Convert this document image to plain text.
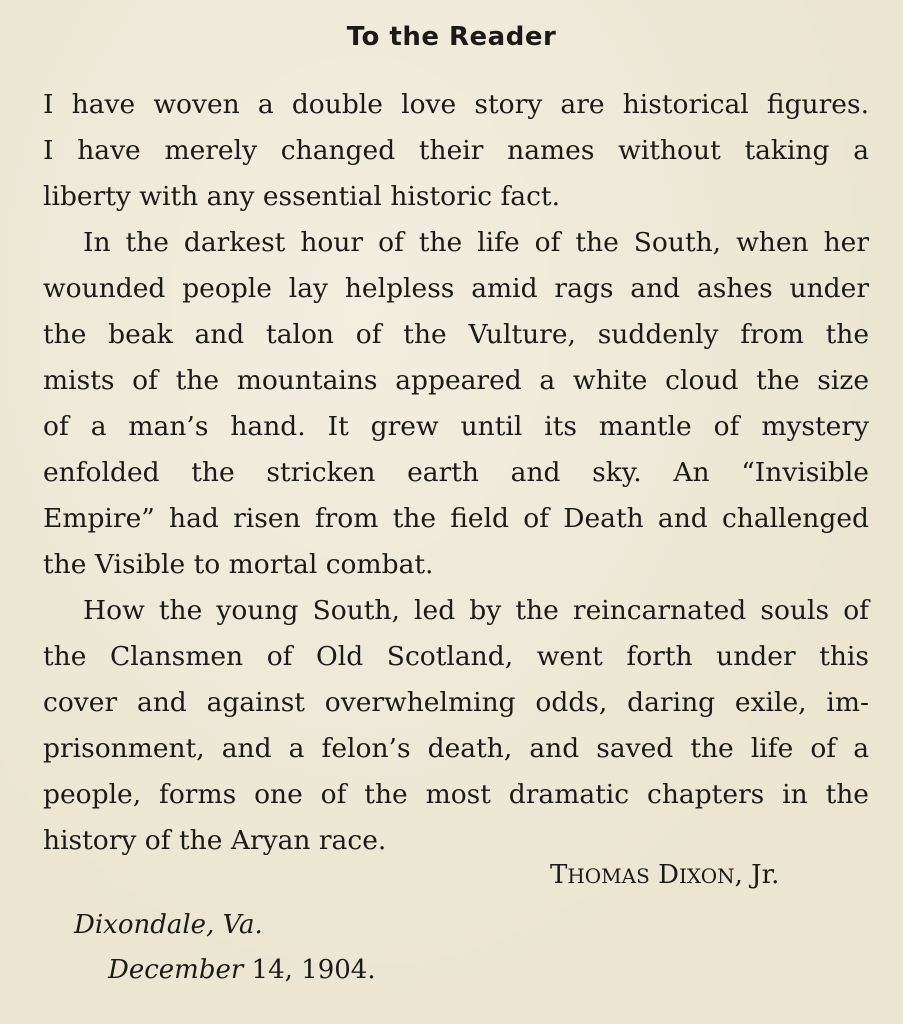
To the Reader
I have woven a double love story are historical figures.
I have merely changed their names without taking a
liberty with any essential historic fact.
In the darkest hour of the life of the South, when her
wounded people lay helpless amid rags and ashes under
the beak and talon of the Vulture, suddenly from the
mists of the mountains appeared a white cloud the size
of a man’s hand. It grew until its mantle of mystery
enfolded the stricken earth and sky. An “Invisible
Empire” had risen from the field of Death and challenged
the Visible to mortal combat.
How the young South, led by the reincarnated souls of
the Clansmen of Old Scotland, went forth under this
cover and against overwhelming odds, daring exile, im-
prisonment, and a felon’s death, and saved the life of a
people, forms one of the most dramatic chapters in the
history of the Aryan race.
THOMAS DIXON, Jr.
Dixondale, Va.
December 14, 1904.
